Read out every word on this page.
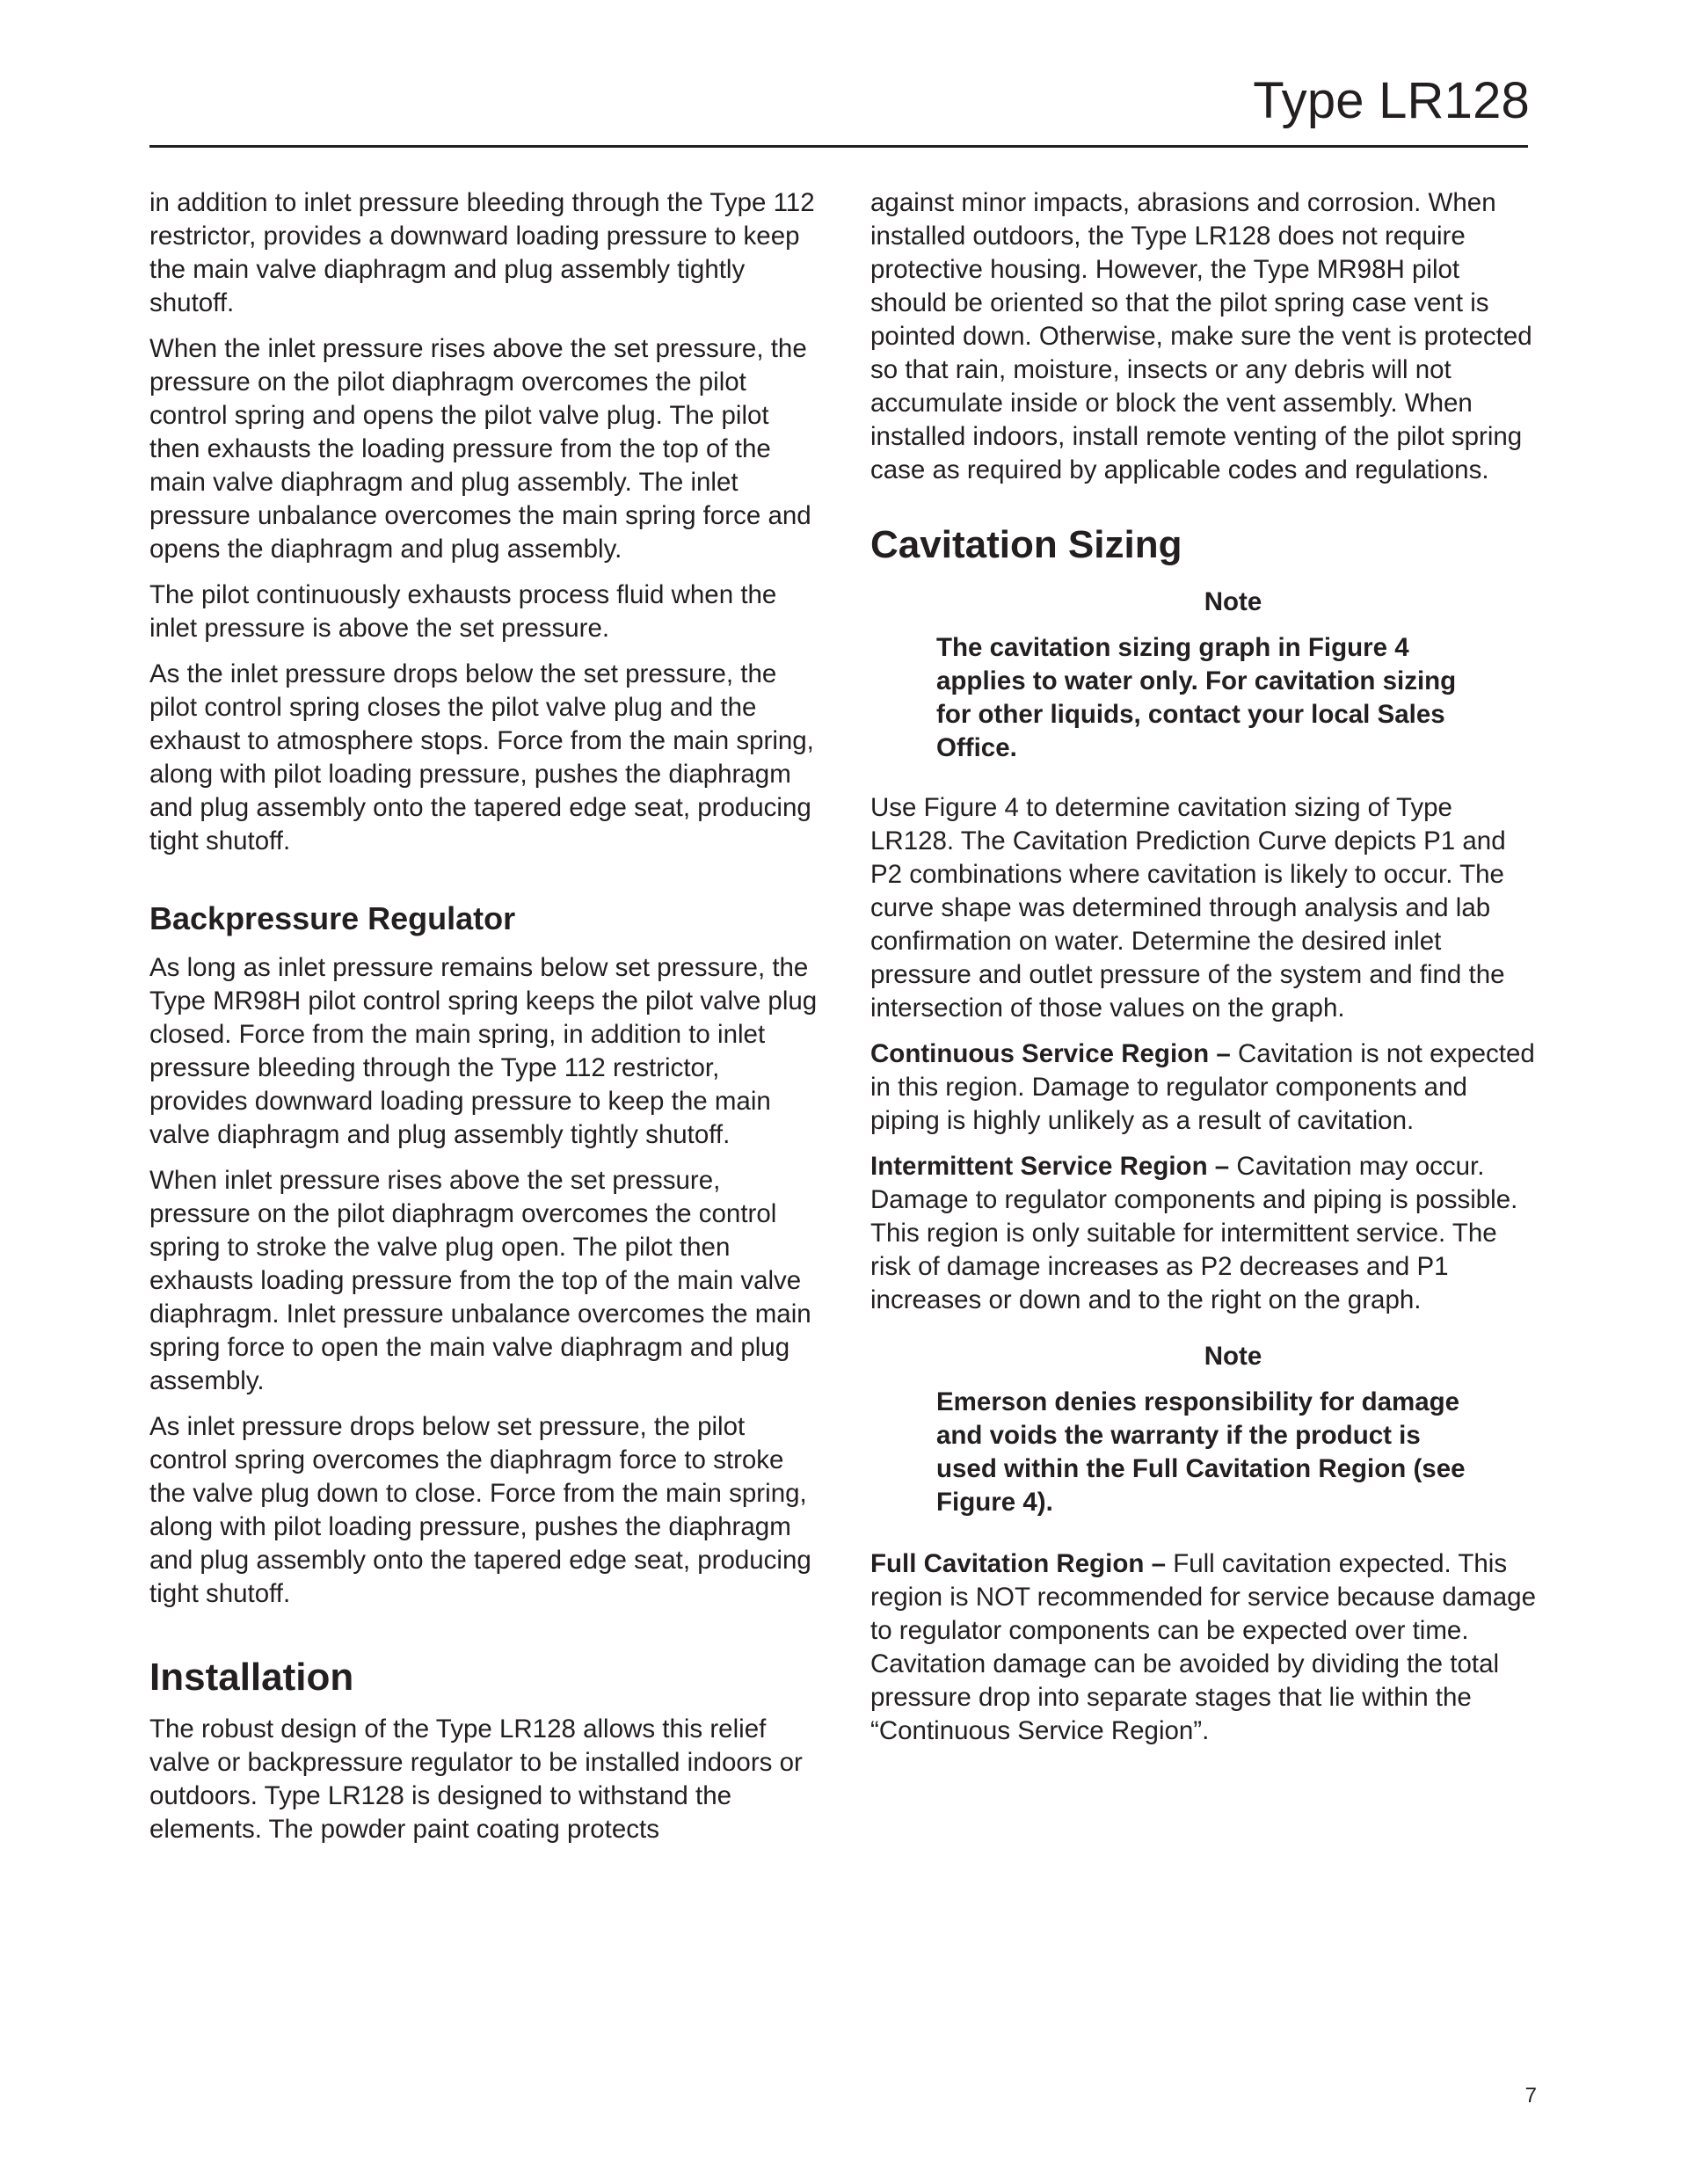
Type LR128

in addition to inlet pressure bleeding through the Type 112 restrictor, provides a downward loading pressure to keep the main valve diaphragm and plug assembly tightly shutoff.

When the inlet pressure rises above the set pressure, the pressure on the pilot diaphragm overcomes the pilot control spring and opens the pilot valve plug. The pilot then exhausts the loading pressure from the top of the main valve diaphragm and plug assembly. The inlet pressure unbalance overcomes the main spring force and opens the diaphragm and plug assembly.

The pilot continuously exhausts process fluid when the inlet pressure is above the set pressure.

As the inlet pressure drops below the set pressure, the pilot control spring closes the pilot valve plug and the exhaust to atmosphere stops. Force from the main spring, along with pilot loading pressure, pushes the diaphragm and plug assembly onto the tapered edge seat, producing tight shutoff.

Backpressure Regulator

As long as inlet pressure remains below set pressure, the Type MR98H pilot control spring keeps the pilot valve plug closed. Force from the main spring, in addition to inlet pressure bleeding through the Type 112 restrictor, provides downward loading pressure to keep the main valve diaphragm and plug assembly tightly shutoff.

When inlet pressure rises above the set pressure, pressure on the pilot diaphragm overcomes the control spring to stroke the valve plug open. The pilot then exhausts loading pressure from the top of the main valve diaphragm. Inlet pressure unbalance overcomes the main spring force to open the main valve diaphragm and plug assembly.

As inlet pressure drops below set pressure, the pilot control spring overcomes the diaphragm force to stroke the valve plug down to close. Force from the main spring, along with pilot loading pressure, pushes the diaphragm and plug assembly onto the tapered edge seat, producing tight shutoff.

Installation

The robust design of the Type LR128 allows this relief valve or backpressure regulator to be installed indoors or outdoors. Type LR128 is designed to withstand the elements. The powder paint coating protects

against minor impacts, abrasions and corrosion. When installed outdoors, the Type LR128 does not require protective housing. However, the Type MR98H pilot should be oriented so that the pilot spring case vent is pointed down. Otherwise, make sure the vent is protected so that rain, moisture, insects or any debris will not accumulate inside or block the vent assembly. When installed indoors, install remote venting of the pilot spring case as required by applicable codes and regulations.

Cavitation Sizing
Note
The cavitation sizing graph in Figure 4 applies to water only. For cavitation sizing for other liquids, contact your local Sales Office.

Use Figure 4 to determine cavitation sizing of Type LR128. The Cavitation Prediction Curve depicts P1 and P2 combinations where cavitation is likely to occur. The curve shape was determined through analysis and lab confirmation on water. Determine the desired inlet pressure and outlet pressure of the system and find the intersection of those values on the graph.

Continuous Service Region – Cavitation is not expected in this region. Damage to regulator components and piping is highly unlikely as a result of cavitation.

Intermittent Service Region – Cavitation may occur. Damage to regulator components and piping is possible. This region is only suitable for intermittent service. The risk of damage increases as P2 decreases and P1 increases or down and to the right on the graph.

Note
Emerson denies responsibility for damage and voids the warranty if the product is used within the Full Cavitation Region (see Figure 4).

Full Cavitation Region – Full cavitation expected. This region is NOT recommended for service because damage to regulator components can be expected over time. Cavitation damage can be avoided by dividing the total pressure drop into separate stages that lie within the “Continuous Service Region”.

7
